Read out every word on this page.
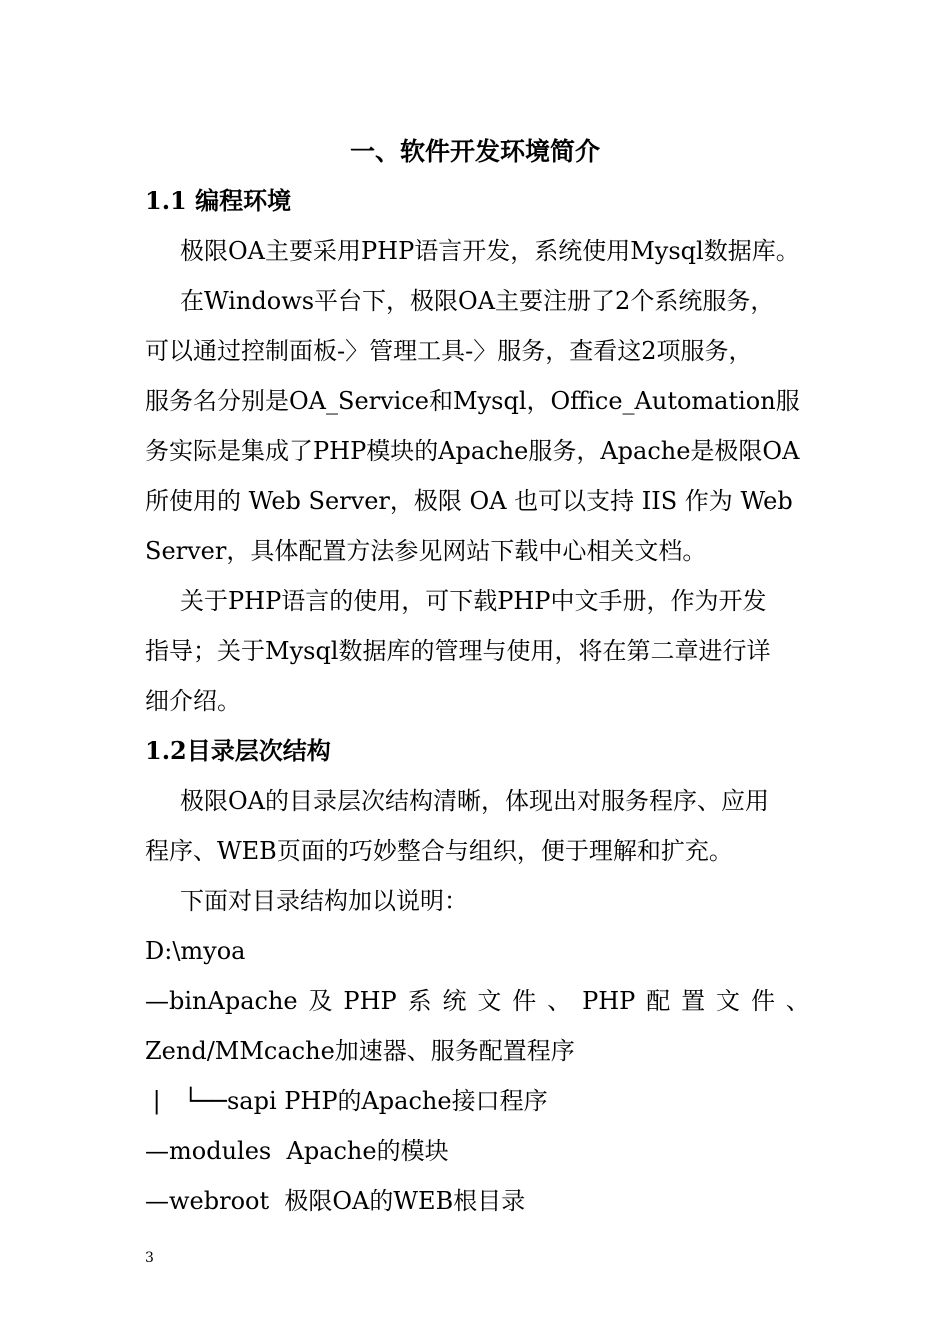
一、软件开发环境简介
1.1 编程环境
极限OA主要采用PHP语言开发，系统使用Mysql数据库。
在Windows平台下，极限OA主要注册了2个系统服务，
可以通过控制面板-〉管理工具-〉服务，查看这2项服务，
服务名分别是OA_Service和Mysql，Office_Automation服
务实际是集成了PHP模块的Apache服务，Apache是极限OA
所使用的 Web Server，极限 OA 也可以支持 IIS 作为 Web
Server，具体配置方法参见网站下载中心相关文档。
关于PHP语言的使用，可下载PHP中文手册，作为开发
指导；关于Mysql数据库的管理与使用，将在第二章进行详
细介绍。
1.2目录层次结构
极限OA的目录层次结构清晰，体现出对服务程序、应用
程序、WEB页面的巧妙整合与组织，便于理解和扩充。
下面对目录结构加以说明：
D:\myoa
—binApache 及 PHP 系 统 文 件 、 PHP 配 置 文 件 、
Zend/MMcache加速器、服务配置程序
|   └──sapi PHP的Apache接口程序
—modules  Apache的模块
—webroot  极限OA的WEB根目录
3
